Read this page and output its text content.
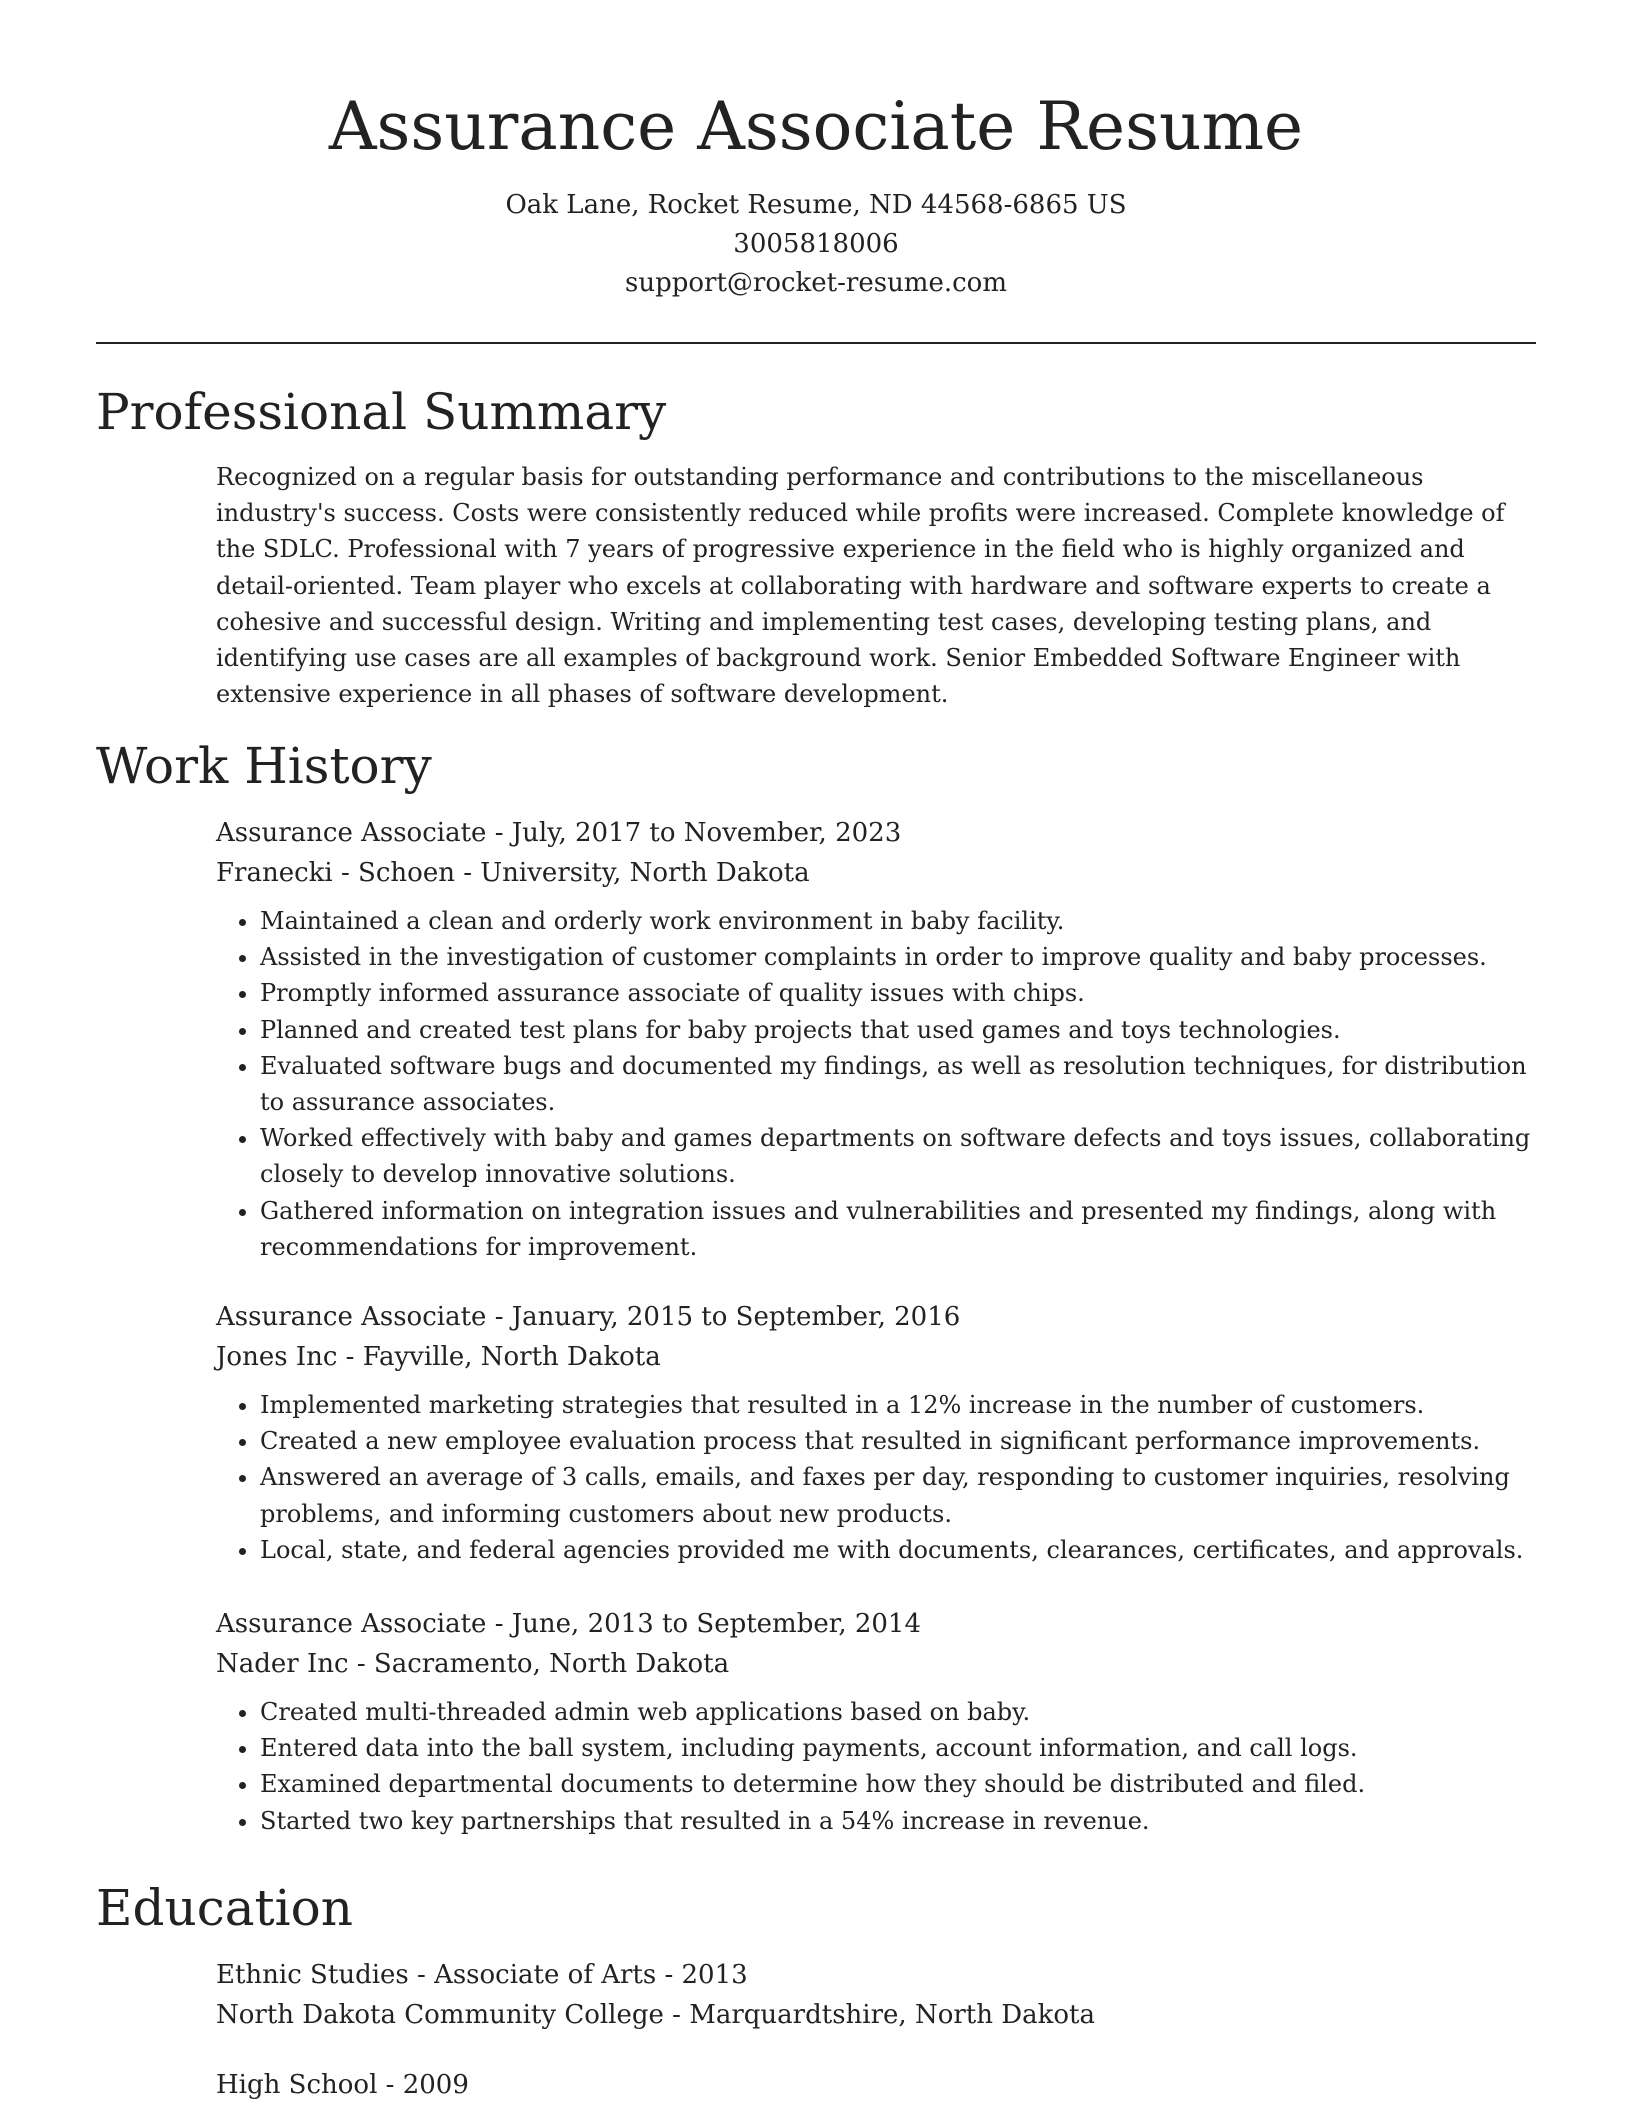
Assurance Associate Resume

Oak Lane, Rocket Resume, ND 44568-6865 US

3005818006

support@rocket-resume.com

Professional Summary

Recognized on a regular basis for outstanding performance and contributions to the miscellaneous industry's success. Costs were consistently reduced while profits were increased. Complete knowledge of the SDLC. Professional with 7 years of progressive experience in the field who is highly organized and detail-oriented. Team player who excels at collaborating with hardware and software experts to create a cohesive and successful design. Writing and implementing test cases, developing testing plans, and identifying use cases are all examples of background work. Senior Embedded Software Engineer with extensive experience in all phases of software development.

Work History

Assurance Associate - July, 2017 to November, 2023

Franecki - Schoen - University, North Dakota

• Maintained a clean and orderly work environment in baby facility.
• Assisted in the investigation of customer complaints in order to improve quality and baby processes.
• Promptly informed assurance associate of quality issues with chips.
• Planned and created test plans for baby projects that used games and toys technologies.
• Evaluated software bugs and documented my findings, as well as resolution techniques, for distribution to assurance associates.
• Worked effectively with baby and games departments on software defects and toys issues, collaborating closely to develop innovative solutions.
• Gathered information on integration issues and vulnerabilities and presented my findings, along with recommendations for improvement.

Assurance Associate - January, 2015 to September, 2016

Jones Inc - Fayville, North Dakota

• Implemented marketing strategies that resulted in a 12% increase in the number of customers.
• Created a new employee evaluation process that resulted in significant performance improvements.
• Answered an average of 3 calls, emails, and faxes per day, responding to customer inquiries, resolving problems, and informing customers about new products.
• Local, state, and federal agencies provided me with documents, clearances, certificates, and approvals.

Assurance Associate - June, 2013 to September, 2014

Nader Inc - Sacramento, North Dakota

• Created multi-threaded admin web applications based on baby.
• Entered data into the ball system, including payments, account information, and call logs.
• Examined departmental documents to determine how they should be distributed and filed.
• Started two key partnerships that resulted in a 54% increase in revenue.
Education

Ethnic Studies - Associate of Arts - 2013

North Dakota Community College - Marquardtshire, North Dakota

High School - 2009
